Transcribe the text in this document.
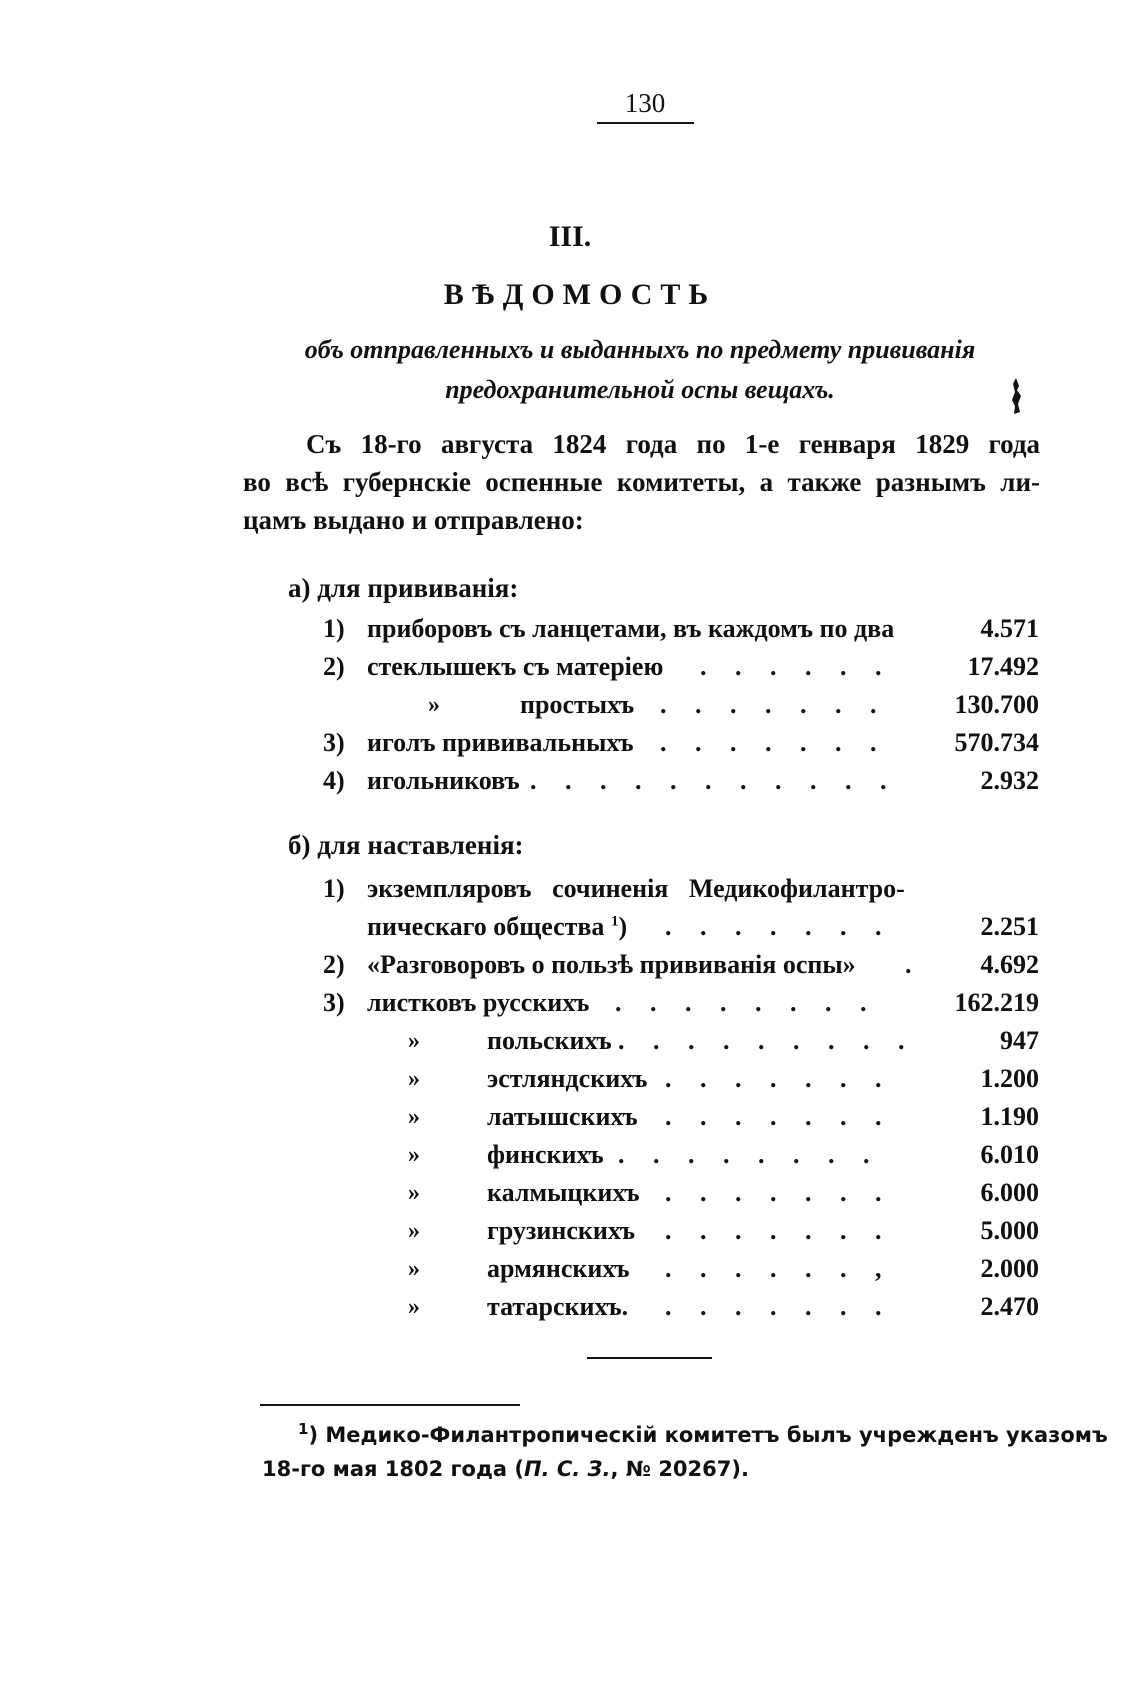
130
III.
ВѢДОМОСТЬ
объ отправленныхъ и выданныхъ по предмету прививанія
предохранительной оспы вещахъ.
Съ 18-го августа 1824 года по 1-е генваря 1829 года
во всѣ губернскіе оспенные комитеты, а также разнымъ ли-
цамъ выдано и отправлено:
а) для прививанія:
1) приборовъ съ ланцетами, въ каждомъ по два	4.571
2) стеклышекъ съ матеріею . . . . . .	17.492
»	простыхъ . . . . . . .	130.700
3) иголъ прививальныхъ . . . . . . .	570.734
4) игольниковъ . . . . . . . . . . .	2.932
б) для наставленія:
1) экземпляровъ сочиненія Медикофилантро-
пическаго общества $^1$) . . . . . . .	2.251
2) «Разговоровъ о пользѣ прививанія оспы» . 4.692
3) листковъ русскихъ . . . . . . . .	162.219
»	польскихъ . . . . . . . . .	947
»	эстляндскихъ . . . . . . .	1.200
»	латышскихъ . . . . . . .	1.190
»	финскихъ . . . . . . . .	6.010
»	калмыцкихъ . . . . . . .	6.000
»	грузинскихъ . . . . . . .	5.000
»	армянскихъ . . . . . . ,	2.000
»	татарскихъ. . . . . . . .	2.470
$^1$) Медико-Филантропическій комитетъ былъ учрежденъ указомъ
18-го мая 1802 года (П. С. З., № 20267).
